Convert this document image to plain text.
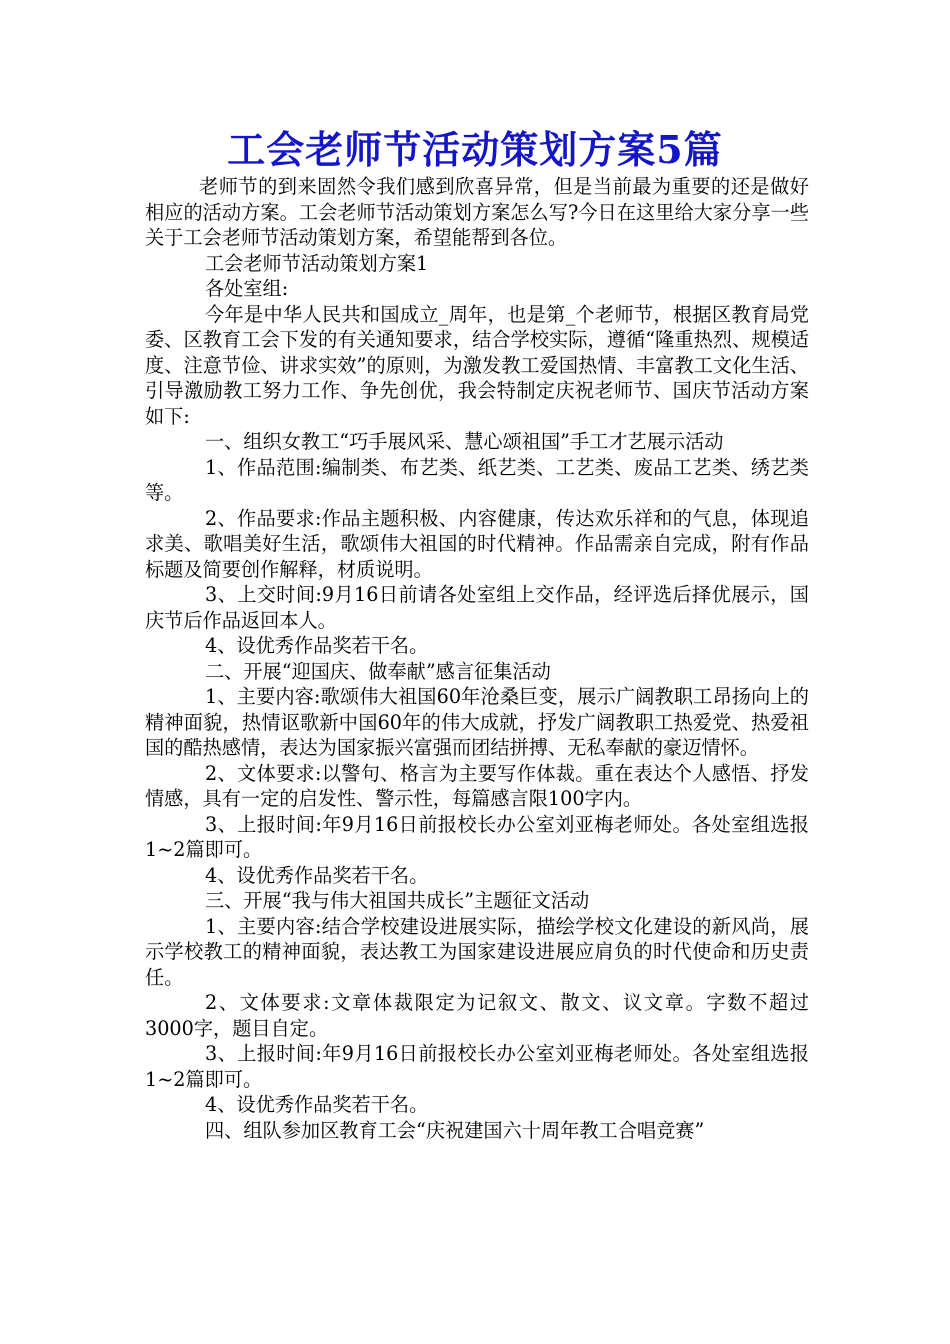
工会老师节活动策划方案5篇

老师节的到来固然令我们感到欣喜异常，但是当前最为重要的还是做好相应的活动方案。工会老师节活动策划方案怎么写?今日在这里给大家分享一些关于工会老师节活动策划方案，希望能帮到各位。

工会老师节活动策划方案1

各处室组:

今年是中华人民共和国成立_周年，也是第_个老师节，根据区教育局党委、区教育工会下发的有关通知要求，结合学校实际，遵循“隆重热烈、规模适度、注意节俭、讲求实效”的原则，为激发教工爱国热情、丰富教工文化生活、引导激励教工努力工作、争先创优，我会特制定庆祝老师节、国庆节活动方案如下:

一、组织女教工“巧手展风采、慧心颂祖国”手工才艺展示活动

1、作品范围:编制类、布艺类、纸艺类、工艺类、废品工艺类、绣艺类等。

2、作品要求:作品主题积极、内容健康，传达欢乐祥和的气息，体现追求美、歌唱美好生活，歌颂伟大祖国的时代精神。作品需亲自完成，附有作品标题及简要创作解释，材质说明。

3、上交时间:9月16日前请各处室组上交作品，经评选后择优展示，国庆节后作品返回本人。

4、设优秀作品奖若干名。

二、开展“迎国庆、做奉献”感言征集活动

1、主要内容:歌颂伟大祖国60年沧桑巨变，展示广阔教职工昂扬向上的精神面貌，热情讴歌新中国60年的伟大成就，抒发广阔教职工热爱党、热爱祖国的酷热感情，表达为国家振兴富强而团结拼搏、无私奉献的豪迈情怀。

2、文体要求:以警句、格言为主要写作体裁。重在表达个人感悟、抒发情感，具有一定的启发性、警示性，每篇感言限100字内。

3、上报时间:年9月16日前报校长办公室刘亚梅老师处。各处室组选报1~2篇即可。

4、设优秀作品奖若干名。

三、开展“我与伟大祖国共成长”主题征文活动

1、主要内容:结合学校建设进展实际，描绘学校文化建设的新风尚，展示学校教工的精神面貌，表达教工为国家建设进展应肩负的时代使命和历史责任。

2、文体要求:文章体裁限定为记叙文、散文、议文章。字数不超过3000字，题目自定。

3、上报时间:年9月16日前报校长办公室刘亚梅老师处。各处室组选报1~2篇即可。

4、设优秀作品奖若干名。

四、组队参加区教育工会“庆祝建国六十周年教工合唱竞赛”
